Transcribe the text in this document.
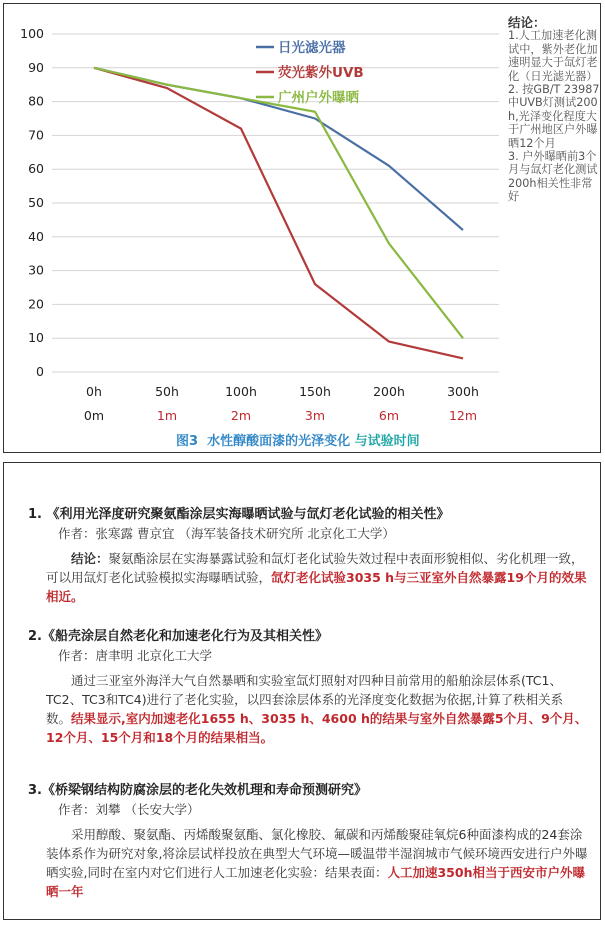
0
10
20
30
40
50
60
70
80
90
100
0h	50h	100h	150h	200h	300h
0m	1m	2m	3m	6m	12m
日光滤光器
荧光紫外UVB
广州户外曝晒
图3 水性醇酸面漆的光泽变化 与试验时间
结论：
1.人工加速老化测试中，紫外老化加速明显大于氙灯老化（日光滤光器）
2. 按GB/T 23987 中UVB灯测试200h,光泽变化程度大于广州地区户外曝晒12个月
3. 户外曝晒前3个月与氙灯老化测试200h相关性非常好
1. 《利用光泽度研究聚氨酯涂层实海曝晒试验与氙灯老化试验的相关性》
作者：张寒露 曹京宜 （海军装备技术研究所 北京化工大学）
结论：聚氨酯涂层在实海暴露试验和氙灯老化试验失效过程中表面形貌相似、劣化机理一致，可以用氙灯老化试验模拟实海曝晒试验，氙灯老化试验3035 h与三亚室外自然暴露19个月的效果相近。
2.《船壳涂层自然老化和加速老化行为及其相关性》
作者：唐聿明 北京化工大学
通过三亚室外海洋大气自然暴晒和实验室氙灯照射对四种目前常用的船舶涂层体系(TC1、TC2、TC3和TC4)进行了老化实验，以四套涂层体系的光泽度变化数据为依据,计算了秩相关系数。结果显示,室内加速老化1655 h、3035 h、4600 h的结果与室外自然暴露5个月、9个月、12个月、15个月和18个月的结果相当。
3.《桥梁钢结构防腐涂层的老化失效机理和寿命预测研究》
作者：刘攀 （长安大学）
采用醇酸、聚氨酯、丙烯酸聚氨酯、氯化橡胶、氟碳和丙烯酸聚硅氧烷6种面漆构成的24套涂装体系作为研究对象,将涂层试样投放在典型大气环境—暖温带半湿润城市气候环境西安进行户外曝晒实验,同时在室内对它们进行人工加速老化实验：结果表面：人工加速350h相当于西安市户外曝晒一年
